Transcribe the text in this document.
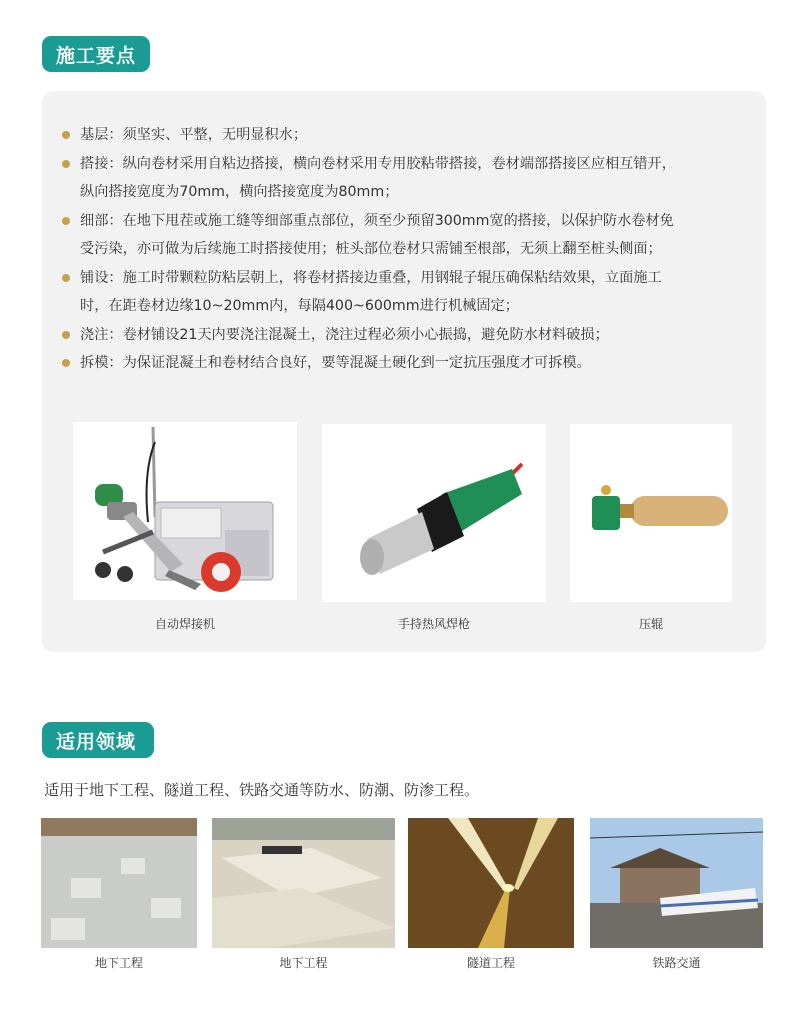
施工要点
基层：须坚实、平整，无明显积水；
搭接：纵向卷材采用自粘边搭接，横向卷材采用专用胶粘带搭接，卷材端部搭接区应相互错开，
纵向搭接宽度为70mm，横向搭接宽度为80mm；
细部：在地下甩茬或施工缝等细部重点部位，须至少预留300mm宽的搭接，以保护防水卷材免
受污染，亦可做为后续施工时搭接使用；桩头部位卷材只需铺至根部，无须上翻至桩头侧面；
铺设：施工时带颗粒防粘层朝上，将卷材搭接边重叠，用钢辊子辊压确保粘结效果，立面施工
时，在距卷材边缘10~20mm内，每隔400~600mm进行机械固定；
浇注：卷材铺设21天内要浇注混凝土，浇注过程必须小心振捣，避免防水材料破损；
拆模：为保证混凝土和卷材结合良好，要等混凝土硬化到一定抗压强度才可拆模。
自动焊接机	手持热风焊枪	压辊
适用领域
适用于地下工程、隧道工程、铁路交通等防水、防潮、防渗工程。
地下工程	地下工程	隧道工程	铁路交通
